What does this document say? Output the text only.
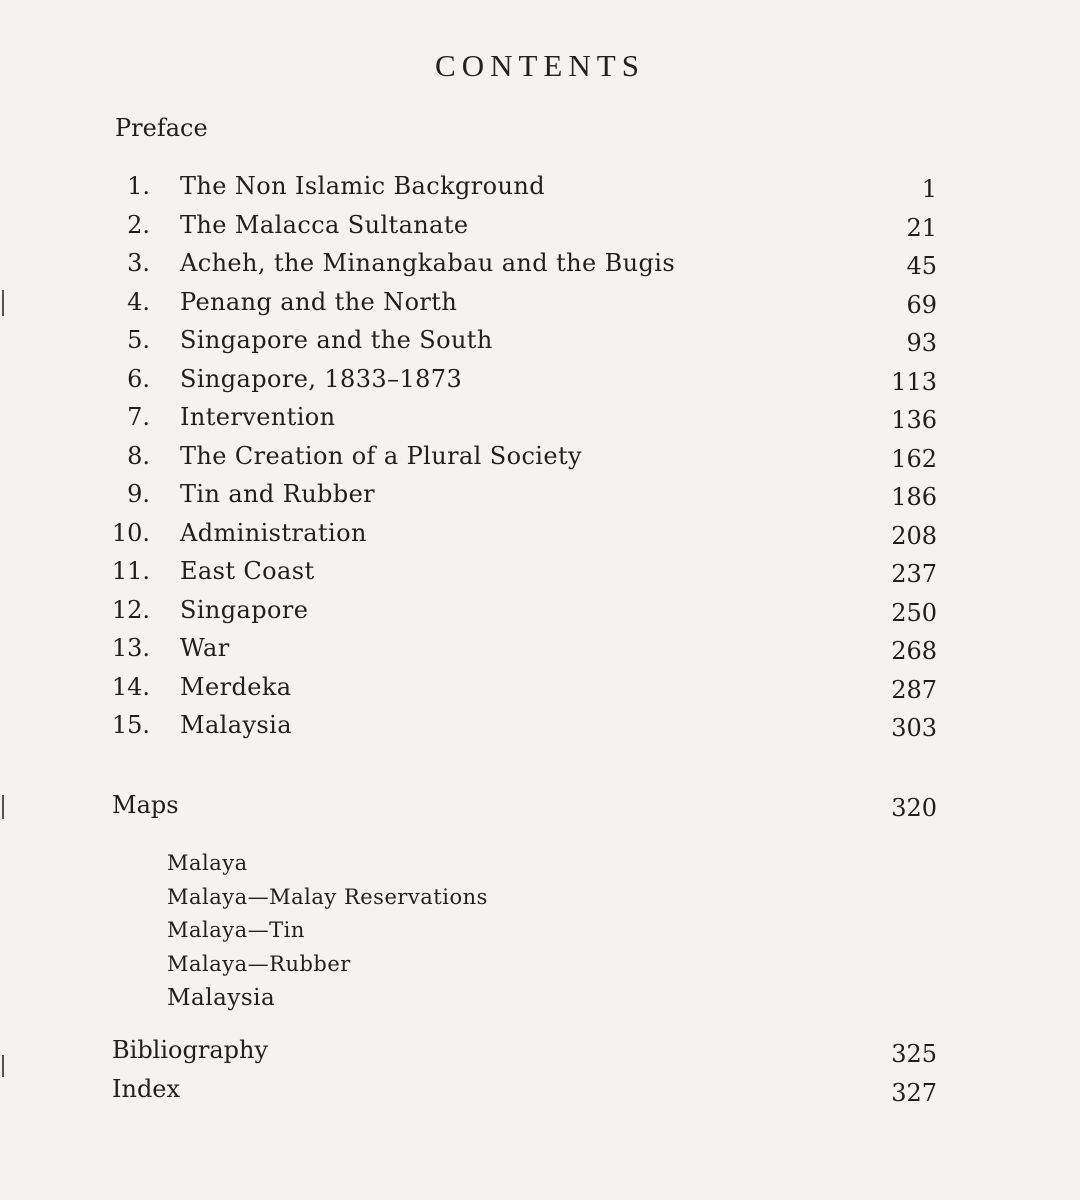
CONTENTS
Preface
1. The Non Islamic Background	1
2. The Malacca Sultanate	21
3. Acheh, the Minangkabau and the Bugis	45
4. Penang and the North	69
5. Singapore and the South	93
6. Singapore, 1833–1873	113
7. Intervention	136
8. The Creation of a Plural Society	162
9. Tin and Rubber	186
10. Administration	208
11. East Coast	237
12. Singapore	250
13. War	268
14. Merdeka	287
15. Malaysia	303
Maps	320
Malaya
Malaya—Malay Reservations
Malaya—Tin
Malaya—Rubber
Malaysia
Bibliography	325
Index	327
